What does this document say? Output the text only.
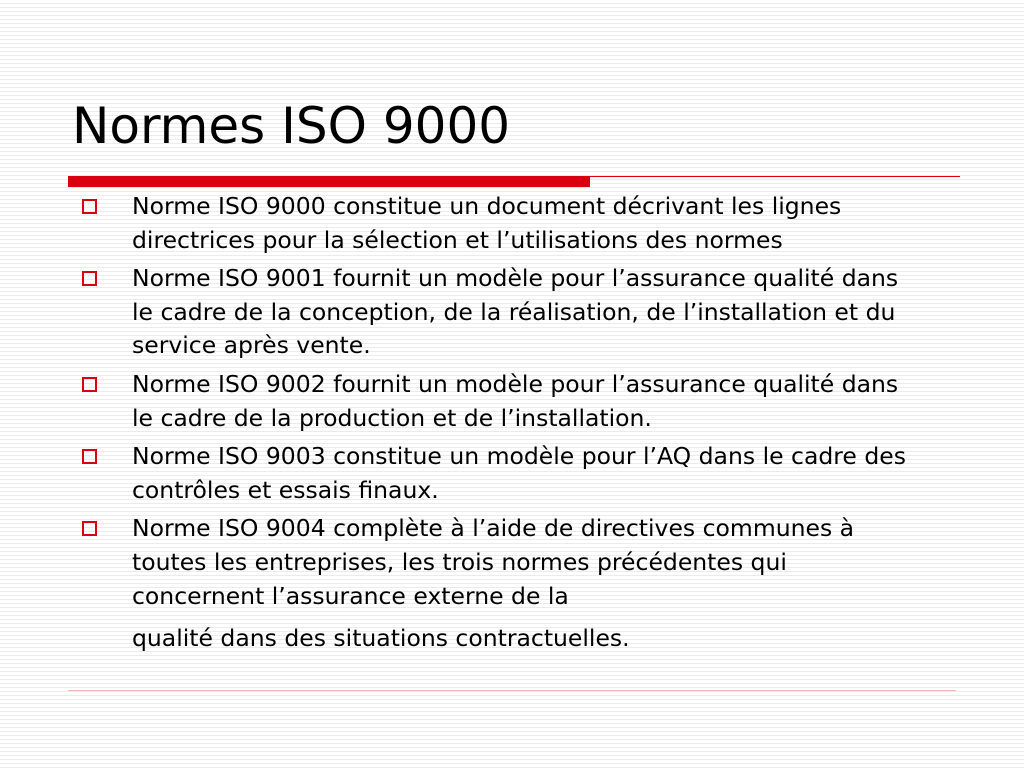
Normes ISO 9000
Norme ISO 9000 constitue un document décrivant les lignes directrices pour la sélection et l’utilisations des normes
Norme ISO 9001 fournit un modèle pour l’assurance qualité dans le cadre de la conception, de la réalisation, de l’installation et du service après vente.
Norme ISO 9002 fournit un modèle pour l’assurance qualité dans le cadre de la production et de l’installation.
Norme ISO 9003 constitue un modèle pour l’AQ dans le cadre des contrôles et essais finaux.
Norme ISO 9004 complète à l’aide de directives communes à toutes les entreprises, les trois normes précédentes qui concernent l’assurance externe de la
qualité dans des situations contractuelles.
